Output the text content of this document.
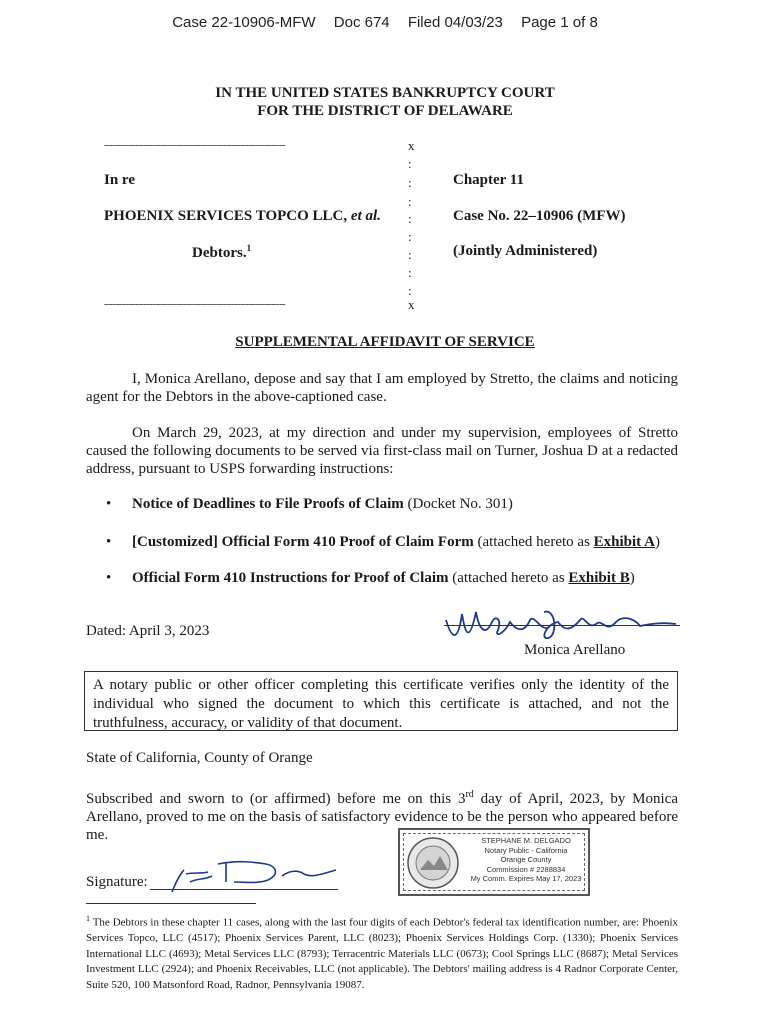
Case 22-10906-MFW Doc 674 Filed 04/03/23 Page 1 of 8
IN THE UNITED STATES BANKRUPTCY COURT
FOR THE DISTRICT OF DELAWARE
----------------------------------------------------------------	x
:
:
:
:
:
:
:
:
In re
PHOENIX SERVICES TOPCO LLC, et al.
Debtors.$^1$
Chapter 11
Case No. 22–10906 (MFW)
(Jointly Administered)
----------------------------------------------------------------	x
SUPPLEMENTAL AFFIDAVIT OF SERVICE
I, Monica Arellano, depose and say that I am employed by Stretto, the claims and noticing agent for the Debtors in the above-captioned case.
On March 29, 2023, at my direction and under my supervision, employees of Stretto caused the following documents to be served via first-class mail on Turner, Joshua D at a redacted address, pursuant to USPS forwarding instructions:
• Notice of Deadlines to File Proofs of Claim (Docket No. 301)
• [Customized] Official Form 410 Proof of Claim Form (attached hereto as Exhibit A)
• Official Form 410 Instructions for Proof of Claim (attached hereto as Exhibit B)
Dated: April 3, 2023
Monica Arellano
A notary public or other officer completing this certificate verifies only the identity of the individual who signed the document to which this certificate is attached, and not the truthfulness, accuracy, or validity of that document.
State of California, County of Orange
Subscribed and sworn to (or affirmed) before me on this 3rd day of April, 2023, by Monica Arellano, proved to me on the basis of satisfactory evidence to be the person who appeared before me.	STEPHANE M. DELGADO
Notary Public - California
Orange County
Commission # 2288834
My Comm. Expires May 17, 2023
Signature:
$^1$ The Debtors in these chapter 11 cases, along with the last four digits of each Debtor's federal tax identification number, are: Phoenix Services Topco, LLC (4517); Phoenix Services Parent, LLC (8023); Phoenix Services Holdings Corp. (1330); Phoenix Services International LLC (4693); Metal Services LLC (8793); Terracentric Materials LLC (0673); Cool Springs LLC (8687); Metal Services Investment LLC (2924); and Phoenix Receivables, LLC (not applicable). The Debtors' mailing address is 4 Radnor Corporate Center, Suite 520, 100 Matsonford Road, Radnor, Pennsylvania 19087.
